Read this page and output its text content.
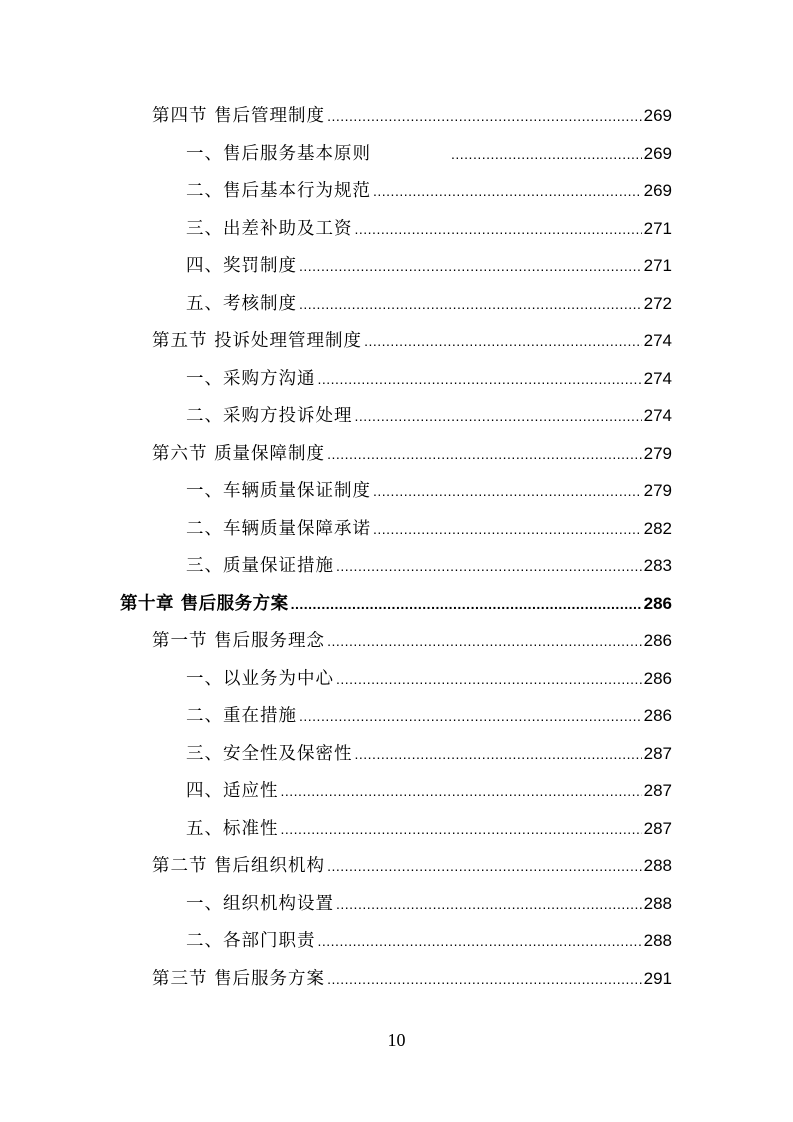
第四节 售后管理制度 .....	269
一、售后服务基本原则 .....	269
二、售后基本行为规范 .....	269
三、出差补助及工资 .....	271
四、奖罚制度 .....	271
五、考核制度 .....	272
第五节 投诉处理管理制度 .....	274
一、采购方沟通 .....	274
二、采购方投诉处理 .....	274
第六节 质量保障制度 .....	279
一、车辆质量保证制度 .....	279
二、车辆质量保障承诺 .....	282
三、质量保证措施 .....	283
第十章 售后服务方案 .....	286
第一节 售后服务理念 .....	286
一、以业务为中心 .....	286
二、重在措施 .....	286
三、安全性及保密性 .....	287
四、适应性 .....	287
五、标准性 .....	287
第二节 售后组织机构 .....	288
一、组织机构设置 .....	288
二、各部门职责 .....	288
第三节 售后服务方案 .....	291
10
